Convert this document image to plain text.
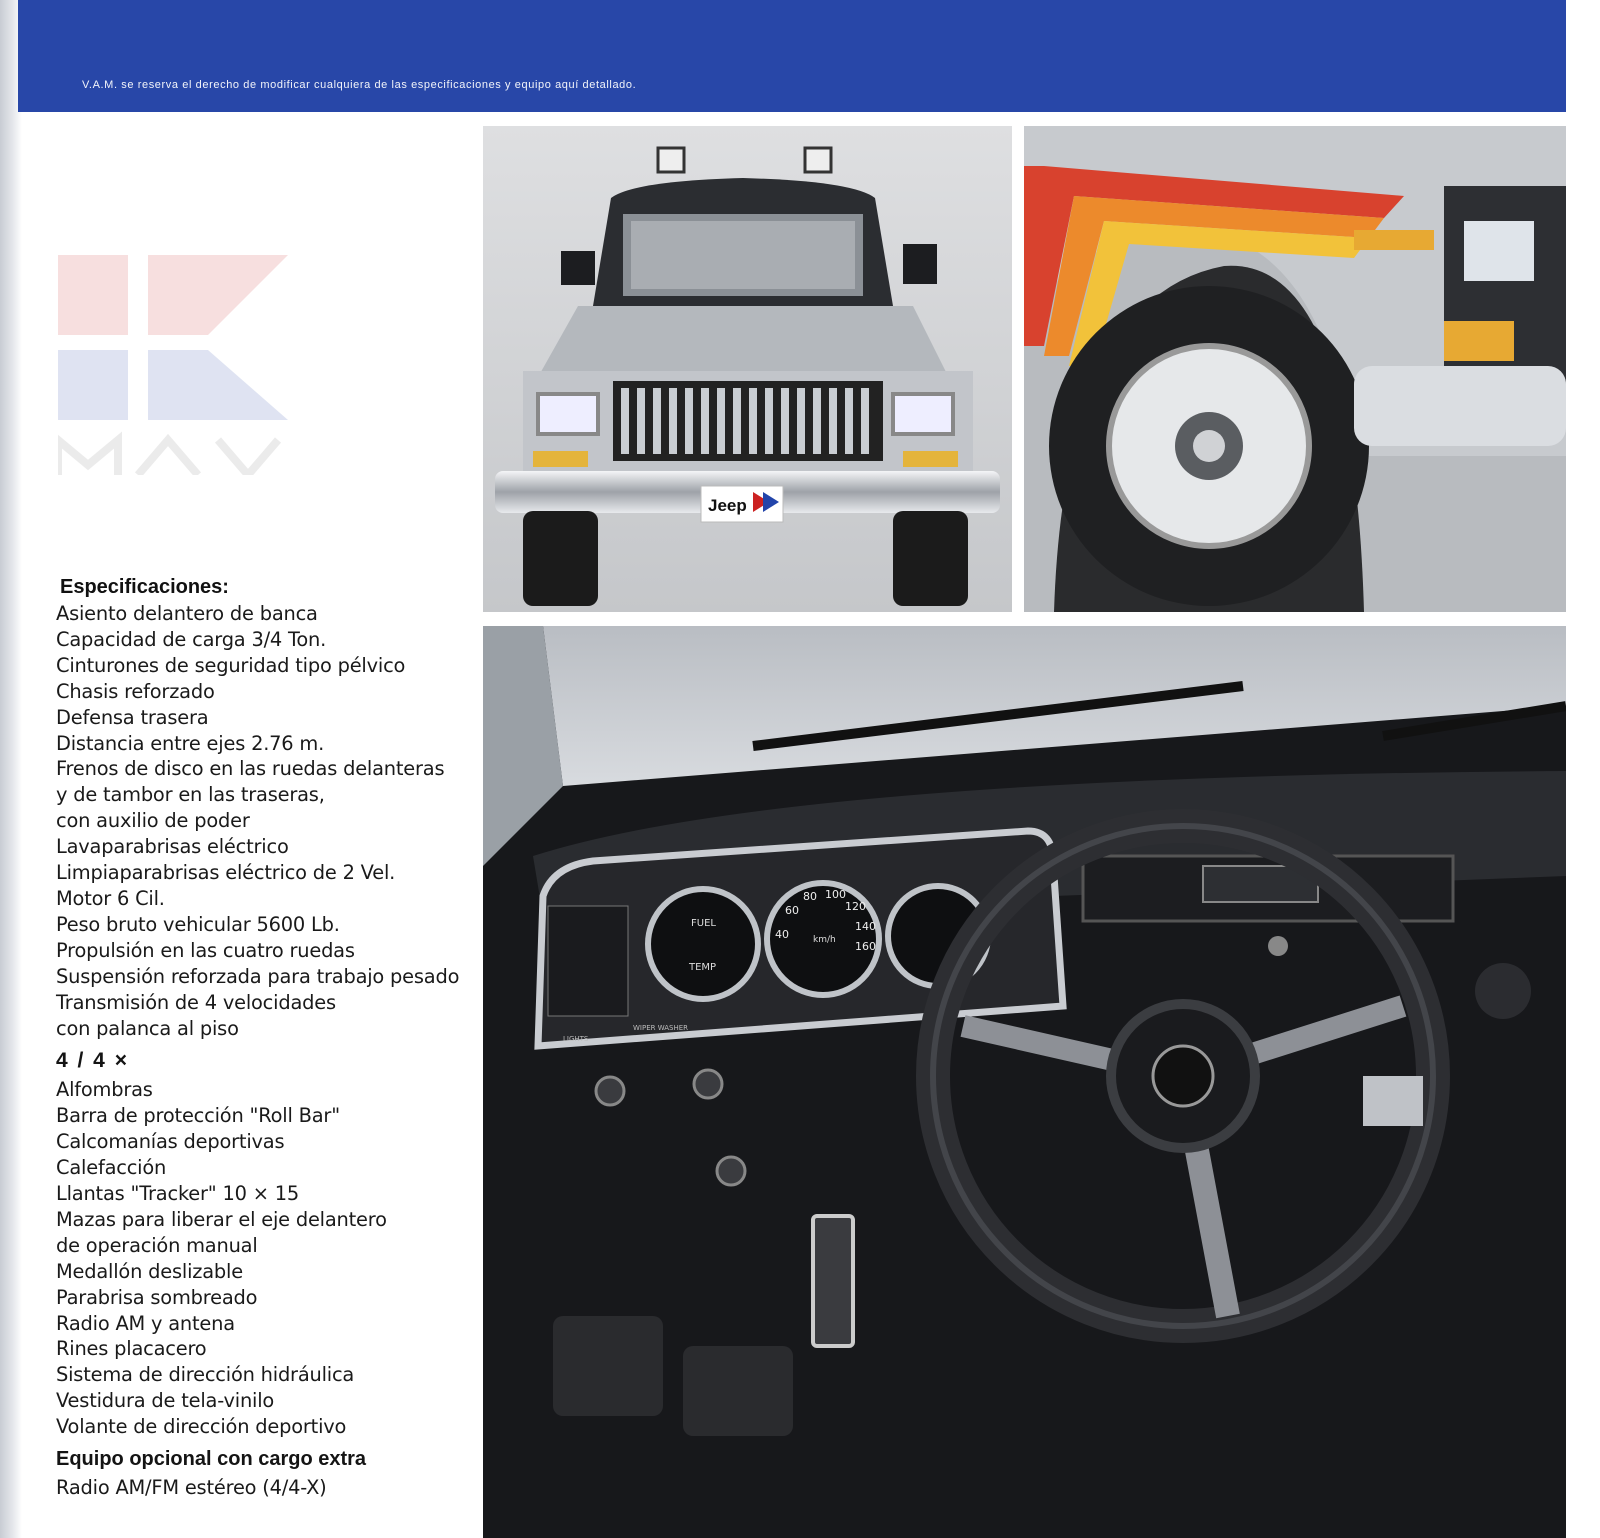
V.A.M. se reserva el derecho de modificar cualquiera de las especificaciones y equipo aquí detallado.
Jeep
FUEL
TEMP
km/h
40
60
80 100
120
140
160
WIPER WASHER
LIGHTS
Especificaciones:
Asiento delantero de banca
Capacidad de carga 3/4 Ton.
Cinturones de seguridad tipo pélvico
Chasis reforzado
Defensa trasera
Distancia entre ejes 2.76 m.
Frenos de disco en las ruedas delanteras
y de tambor en las traseras,
con auxilio de poder
Lavaparabrisas eléctrico
Limpiaparabrisas eléctrico de 2 Vel.
Motor 6 Cil.
Peso bruto vehicular 5600 Lb.
Propulsión en las cuatro ruedas
Suspensión reforzada para trabajo pesado
Transmisión de 4 velocidades
con palanca al piso
4 / 4 ×
Alfombras
Barra de protección "Roll Bar"
Calcomanías deportivas
Calefacción
Llantas "Tracker" 10 × 15
Mazas para liberar el eje delantero
de operación manual
Medallón deslizable
Parabrisa sombreado
Radio AM y antena
Rines placacero
Sistema de dirección hidráulica
Vestidura de tela-vinilo
Volante de dirección deportivo
Equipo opcional con cargo extra
Radio AM/FM estéreo (4/4-X)
